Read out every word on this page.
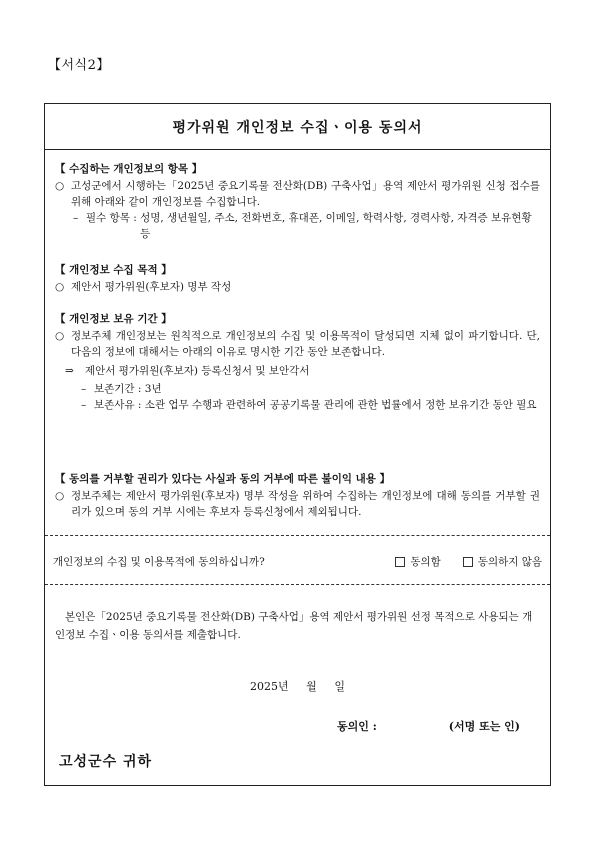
【서식2】
평가위원 개인정보 수집ㆍ이용 동의서
【 수집하는 개인정보의 항목 】
○ 고성군에서 시행하는「2025년 중요기록물 전산화(DB) 구축사업」용역 제안서 평가위원 신청 접수를 위해 아래와 같이 개인정보를 수집합니다.
– 필수 항목 : 성명, 생년월일, 주소, 전화번호, 휴대폰, 이메일, 학력사항, 경력사항, 자격증 보유현황 등
【 개인정보 수집 목적 】
○ 제안서 평가위원(후보자) 명부 작성
【 개인정보 보유 기간 】
○ 정보주체 개인정보는 원칙적으로 개인정보의 수집 및 이용목적이 달성되면 지체 없이 파기합니다. 단, 다음의 정보에 대해서는 아래의 이유로 명시한 기간 동안 보존합니다.
⇒	제안서 평가위원(후보자) 등록신청서 및 보안각서
– 보존기간 : 3년
– 보존사유 : 소관 업무 수행과 관련하여 공공기록물 관리에 관한 법률에서 정한 보유기간 동안 필요
【 동의를 거부할 권리가 있다는 사실과 동의 거부에 따른 불이익 내용 】
○ 정보주체는 제안서 평가위원(후보자) 명부 작성을 위하여 수집하는 개인정보에 대해 동의를 거부할 권리가 있으며 동의 거부 시에는 후보자 등록신청에서 제외됩니다.
개인정보의 수집 및 이용목적에 동의하십니까?	동의함	동의하지 않음
본인은「2025년 중요기록물 전산화(DB) 구축사업」용역 제안서 평가위원 선정 목적으로 사용되는 개인정보 수집ㆍ이용 동의서를 제출합니다.
2025년 월 일
동의인 :	(서명 또는 인)
고성군수 귀하
